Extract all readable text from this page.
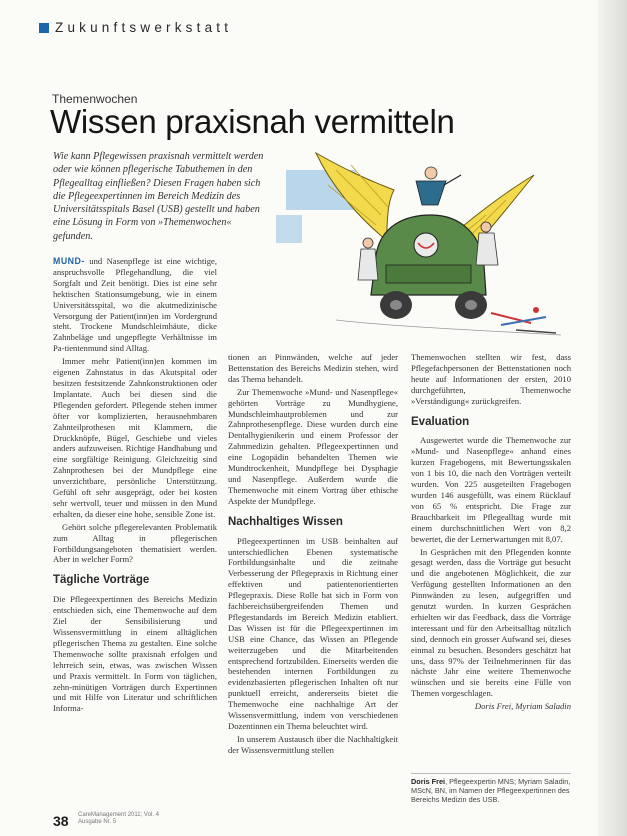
Zukunftswerkstatt
Themenwochen
Wissen praxisnah vermitteln
Wie kann Pflegewissen praxisnah vermittelt werden oder wie können pflegerische Tabuthemen in den Pflegealltag einfließen? Diesen Fragen haben sich die Pflegeexpertinnen im Bereich Medizin des Universitätsspitals Basel (USB) gestellt und haben eine Lösung in Form von »Themenwochen« gefunden.

MUND- und Nasenpflege ist eine wichtige, anspruchsvolle Pflegehandlung, die viel Sorgfalt und Zeit benötigt. Dies ist eine sehr hektischen Stationsumgebung, wie in einem Universitätsspital, wo die akutmedizinische Versorgung der Patient(inn)en im Vordergrund steht. Trockene Mundschleimhäute, dicke Zahnbeläge und ungepflegte Verhältnisse im Pa-tientenmund sind Alltag.

Immer mehr Patient(inn)en kommen im eigenen Zahnstatus in das Akutspital oder besitzen festsitzende Zahnkonstruktionen oder Implantate. Auch bei diesen sind die Pflegenden gefordert. Pflegende stehen immer öfter vor komplizierten, herausnehmbaren Zahnteilprothesen mit Klammern, die Druckknöpfe, Bügel, Geschiebe und vieles anders aufzuweisen. Richtige Handhabung und eine sorgfältige Reinigung. Gleichzeitig sind Zahnprothesen bei der Mundpflege eine unverzichtbare, persönliche Unterstützung. Gefühl oft sehr ausgeprägt, oder bei kosten sehr wertvoll, teuer und müssen in den Mund erhalten, da dieser eine hohe, sensible Zone ist.

Gehört solche pflegerelevanten Problematik zum Alltag in pflegerischen Fortbildungsangeboten thematisiert werden. Aber in welcher Form?

Tägliche Vorträge

Die Pflegeexpertinnen des Bereichs Medizin entschieden sich, eine Themenwoche auf dem Ziel der Sensibilisierung und Wissensvermittlung in einem alltäglichen pflegerischen Thema zu gestalten. Eine solche Themenwoche sollte praxisnah erfolgen und lehrreich sein, etwas, was zwischen Wissen und Praxis vermittelt. In Form von täglichen, zehn-minütigen Vorträgen durch Expertinnen und mit Hilfe von Literatur und schriftlichen Informa-

tionen an Pinnwänden, welche auf jeder Bettenstation des Bereichs Medizin stehen, wird das Thema behandelt.

Zur Themenwoche »Mund- und Nasenpflege« gehörten Vorträge zu Mundhygiene, Mundschleimhautproblemen und zur Zahnprothesenpflege. Diese wurden durch eine Dentalhygienikerin und einem Professor der Zahnmedizin gehalten. Pflegeexpertinnen und eine Logopädin behandelten Themen wie Mundtrockenheit, Mundpflege bei Dysphagie und Nasenpflege. Außerdem wurde die Themenwoche mit einem Vortrag über ethische Aspekte der Mundpflege.

Nachhaltiges Wissen

Pflegeexpertinnen im USB beinhalten auf unterschiedlichen Ebenen systematische Fortbildungsinhalte und die zeitnahe Verbesserung der Pflegepraxis in Richtung einer effektiven und patientenorientierten Pflegepraxis. Diese Rolle hat sich in Form von fachbereichsübergreifenden Themen und Pflegestandards im Bereich Medizin etabliert. Das Wissen ist für die Pflegeexpertinnen im USB eine Chance, das Wissen an Pflegende weiterzugeben und die Mitarbeitenden entsprechend fortzubilden. Einerseits werden die bestehenden internen Fortbildungen zu evidenzbasierten pflegerischen Inhalten oft nur punktuell erreicht, andererseits bietet die Themenwoche eine nachhaltige Art der Wissensvermittlung, indem von verschiedenen Dozentinnen ein Thema beleuchtet wird.

In unserem Austausch über die Nachhaltigkeit der Wissensvermittlung stellen

Themenwochen stellten wir fest, dass Pflegefachpersonen der Bettenstationen noch heute auf Informationen der ersten, 2010 durchgeführten, Themenwoche »Verständigung« zurückgreifen.

Evaluation

Ausgewertet wurde die Themenwoche zur »Mund- und Nasenpflege« anhand eines kurzen Fragebogens, mit Bewertungsskalen von 1 bis 10, die nach den Vorträgen verteilt wurden. Von 225 ausgeteilten Fragebogen wurden 146 ausgefüllt, was einem Rücklauf von 65 % entspricht. Die Frage zur Brauchbarkeit im Pflegealltag wurde mit einem durchschnittlichen Wert von 8,2 bewertet, die der Lernerwartungen mit 8,07.

In Gesprächen mit den Pflegenden konnte gesagt werden, dass die Vorträge gut besucht und die angebotenen Möglichkeit, die zur Verfügung gestellten Informationen an den Pinnwänden zu lesen, aufgegriffen und genutzt wurden. In kurzen Gesprächen erhielten wir das Feedback, dass die Vorträge interessant und für den Arbeitsalltag nützlich sind, dennoch ein grosser Aufwand sei, dieses einmal zu besuchen. Besonders geschätzt hat uns, dass 97% der Teilnehmerinnen für das nächste Jahr eine weitere Themenwoche wünschen und sie bereits eine Fülle von Themen vorgeschlagen.

Doris Frei, Myriam Saladin

Doris Frei, Pflegeexpertin MNS; Myriam Saladin, MScN, BN, im Namen der Pflegeexpertinnen des Bereichs Medizin des USB.
38 CareManagement 2011; Vol. 4
Ausgabe Nr. 5
